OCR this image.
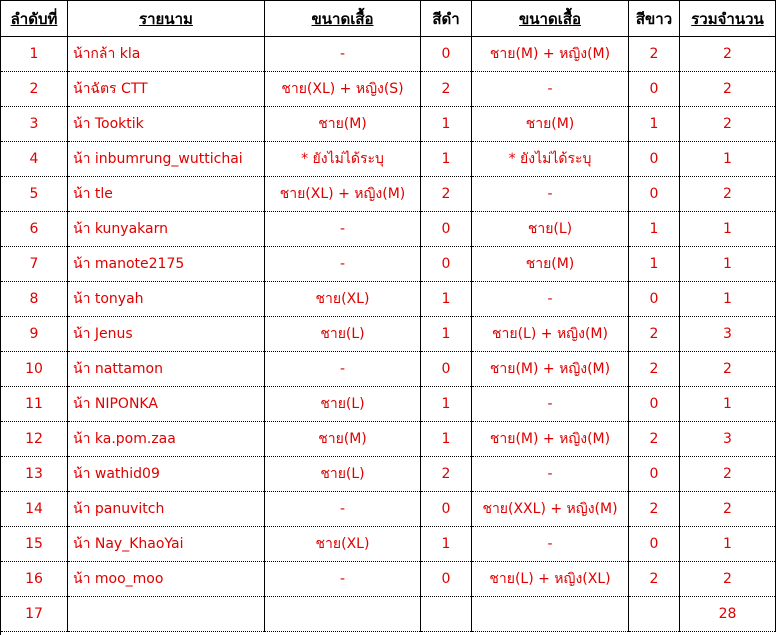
ลำดับที่	รายนาม	ขนาดเสื้อ	สีดำ	ขนาดเสื้อ	สีขาว	รวมจำนวน
1	น้ากล้า kla	-	0	ชาย(M) + หญิง(M)	2	2
2	น้าฉัตร CTT	ชาย(XL) + หญิง(S)	2	-	0	2
3	น้า Tooktik	ชาย(M)	1	ชาย(M)	1	2
4	น้า inbumrung_wuttichai	* ยังไม่ได้ระบุ	1	* ยังไม่ได้ระบุ	0	1
5	น้า tle	ชาย(XL) + หญิง(M)	2	-	0	2
6	น้า kunyakarn	-	0	ชาย(L)	1	1
7	น้า manote2175	-	0	ชาย(M)	1	1
8	น้า tonyah	ชาย(XL)	1	-	0	1
9	น้า Jenus	ชาย(L)	1	ชาย(L) + หญิง(M)	2	3
10	น้า nattamon	-	0	ชาย(M) + หญิง(M)	2	2
11	น้า NIPONKA	ชาย(L)	1	-	0	1
12	น้า ka.pom.zaa	ชาย(M)	1	ชาย(M) + หญิง(M)	2	3
13	น้า wathid09	ชาย(L)	2	-	0	2
14	น้า panuvitch	-	0	ชาย(XXL) + หญิง(M)	2	2
15	น้า Nay_KhaoYai	ชาย(XL)	1	-	0	1
16	น้า moo_moo	-	0	ชาย(L) + หญิง(XL)	2	2
17						28
